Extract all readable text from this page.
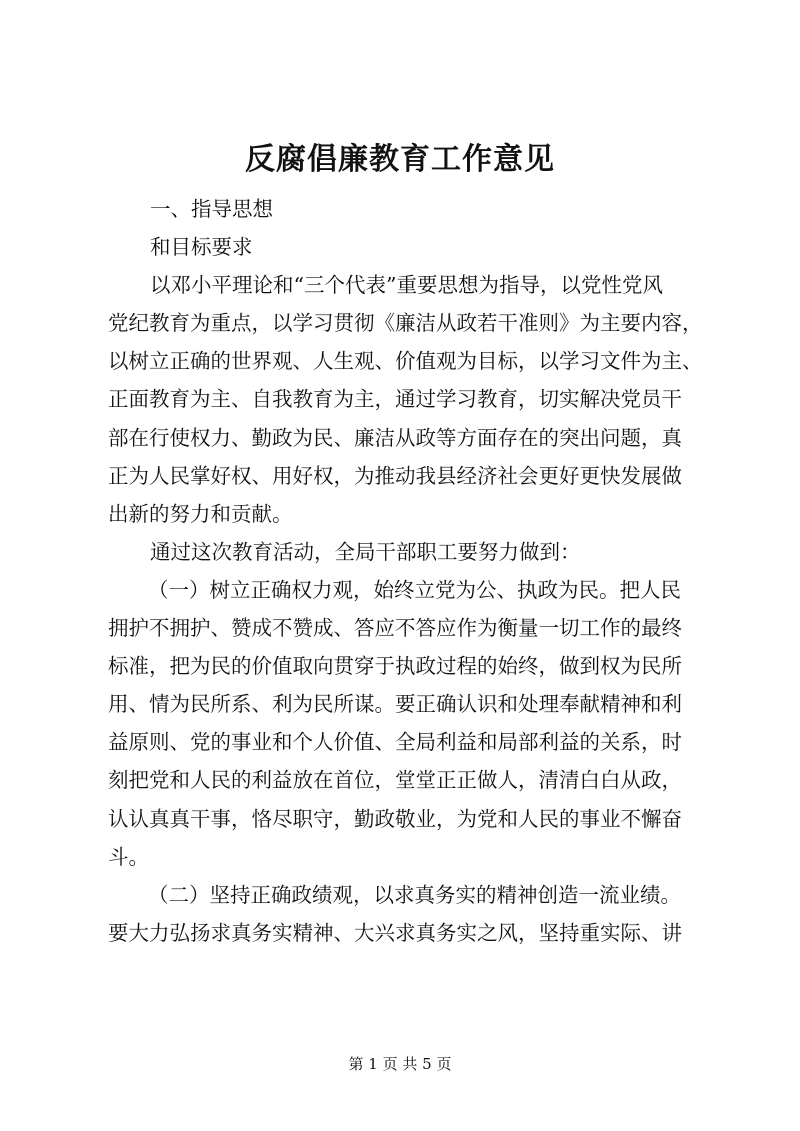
反腐倡廉教育工作意见
一、指导思想
和目标要求
以邓小平理论和“三个代表”重要思想为指导，以党性党风
党纪教育为重点，以学习贯彻《廉洁从政若干准则》为主要内容，
以树立正确的世界观、人生观、价值观为目标，以学习文件为主、
正面教育为主、自我教育为主，通过学习教育，切实解决党员干
部在行使权力、勤政为民、廉洁从政等方面存在的突出问题，真
正为人民掌好权、用好权，为推动我县经济社会更好更快发展做
出新的努力和贡献。
通过这次教育活动，全局干部职工要努力做到：
（一）树立正确权力观，始终立党为公、执政为民。把人民
拥护不拥护、赞成不赞成、答应不答应作为衡量一切工作的最终
标准，把为民的价值取向贯穿于执政过程的始终，做到权为民所
用、情为民所系、利为民所谋。要正确认识和处理奉献精神和利
益原则、党的事业和个人价值、全局利益和局部利益的关系，时
刻把党和人民的利益放在首位，堂堂正正做人，清清白白从政，
认认真真干事，恪尽职守，勤政敬业，为党和人民的事业不懈奋
斗。
（二）坚持正确政绩观，以求真务实的精神创造一流业绩。
要大力弘扬求真务实精神、大兴求真务实之风，坚持重实际、讲
第 1 页 共 5 页
